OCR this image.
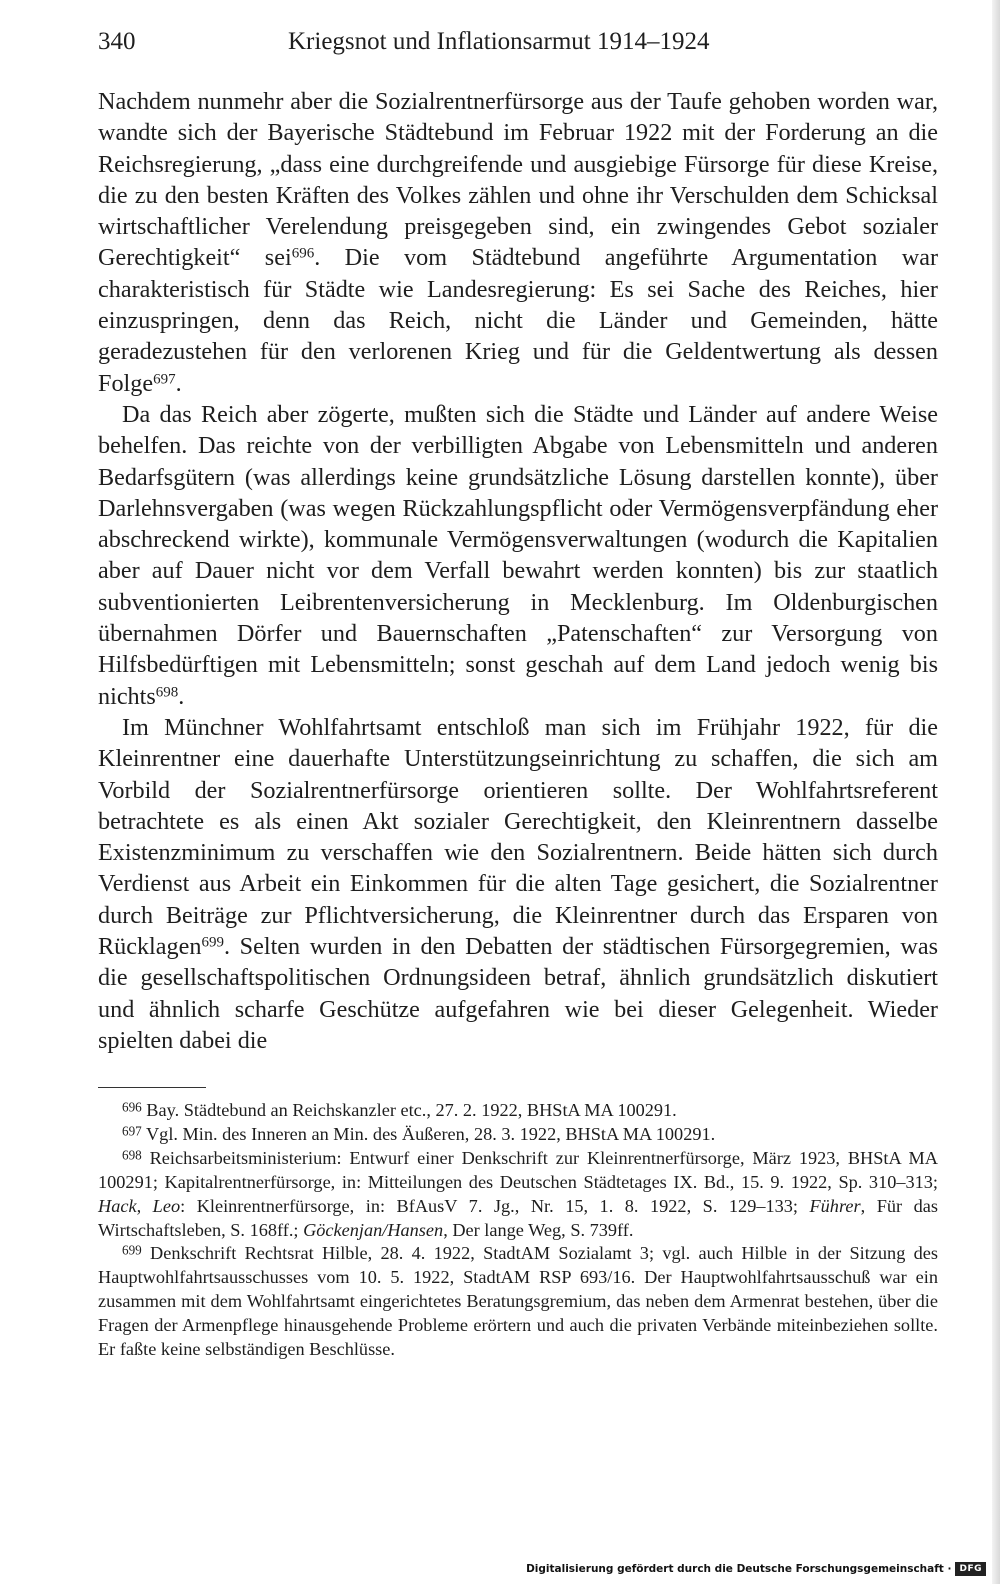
340	Kriegsnot und Inflationsarmut 1914–1924

Nachdem nunmehr aber die Sozialrentnerfürsorge aus der Taufe gehoben worden war, wandte sich der Bayerische Städtebund im Februar 1922 mit der Forderung an die Reichsregierung, „dass eine durchgreifende und ausgiebige Fürsorge für diese Kreise, die zu den besten Kräften des Volkes zählen und ohne ihr Verschulden dem Schicksal wirtschaftlicher Verelendung preisgegeben sind, ein zwingendes Gebot sozialer Gerechtigkeit“ sei$^{696}$. Die vom Städtebund angeführte Argumentation war charakteristisch für Städte wie Landesregierung: Es sei Sache des Reiches, hier einzuspringen, denn das Reich, nicht die Länder und Gemeinden, hätte geradezustehen für den verlorenen Krieg und für die Geldentwertung als dessen Folge$^{697}$.

Da das Reich aber zögerte, mußten sich die Städte und Länder auf andere Weise behelfen. Das reichte von der verbilligten Abgabe von Lebensmitteln und anderen Bedarfsgütern (was allerdings keine grundsätzliche Lösung darstellen konnte), über Darlehnsvergaben (was wegen Rückzahlungspflicht oder Vermögensverpfändung eher abschreckend wirkte), kommunale Vermögensverwaltungen (wodurch die Kapitalien aber auf Dauer nicht vor dem Verfall bewahrt werden konnten) bis zur staatlich subventionierten Leibrentenversicherung in Mecklenburg. Im Oldenburgischen übernahmen Dörfer und Bauernschaften „Patenschaften“ zur Versorgung von Hilfsbedürftigen mit Lebensmitteln; sonst geschah auf dem Land jedoch wenig bis nichts$^{698}$.

Im Münchner Wohlfahrtsamt entschloß man sich im Frühjahr 1922, für die Kleinrentner eine dauerhafte Unterstützungseinrichtung zu schaffen, die sich am Vorbild der Sozialrentnerfürsorge orientieren sollte. Der Wohlfahrtsreferent betrachtete es als einen Akt sozialer Gerechtigkeit, den Kleinrentnern dasselbe Existenzminimum zu verschaffen wie den Sozialrentnern. Beide hätten sich durch Verdienst aus Arbeit ein Einkommen für die alten Tage gesichert, die Sozialrentner durch Beiträge zur Pflichtversicherung, die Kleinrentner durch das Ersparen von Rücklagen$^{699}$. Selten wurden in den Debatten der städtischen Fürsorgegremien, was die gesellschaftspolitischen Ordnungsideen betraf, ähnlich grundsätzlich diskutiert und ähnlich scharfe Geschütze aufgefahren wie bei dieser Gelegenheit. Wieder spielten dabei die

$^{696}$ Bay. Städtebund an Reichskanzler etc., 27. 2. 1922, BHStA MA 100291.

$^{697}$ Vgl. Min. des Inneren an Min. des Äußeren, 28. 3. 1922, BHStA MA 100291.

$^{698}$ Reichsarbeitsministerium: Entwurf einer Denkschrift zur Kleinrentnerfürsorge, März 1923, BHStA MA 100291; Kapitalrentnerfürsorge, in: Mitteilungen des Deutschen Städtetages IX. Bd., 15. 9. 1922, Sp. 310–313; Hack, Leo: Kleinrentnerfürsorge, in: BfAusV 7. Jg., Nr. 15, 1. 8. 1922, S. 129–133; Führer, Für das Wirtschaftsleben, S. 168ff.; Göckenjan/Hansen, Der lange Weg, S. 739ff.

$^{699}$ Denkschrift Rechtsrat Hilble, 28. 4. 1922, StadtAM Sozialamt 3; vgl. auch Hilble in der Sitzung des Hauptwohlfahrtsausschusses vom 10. 5. 1922, StadtAM RSP 693/16. Der Hauptwohlfahrtsausschuß war ein zusammen mit dem Wohlfahrtsamt eingerichtetes Beratungsgremium, das neben dem Armenrat bestehen, über die Fragen der Armenpflege hinausgehende Probleme erörtern und auch die privaten Verbände miteinbeziehen sollte. Er faßte keine selbständigen Beschlüsse.

Digitalisierung gefördert durch die Deutsche Forschungsgemeinschaft · DFG
